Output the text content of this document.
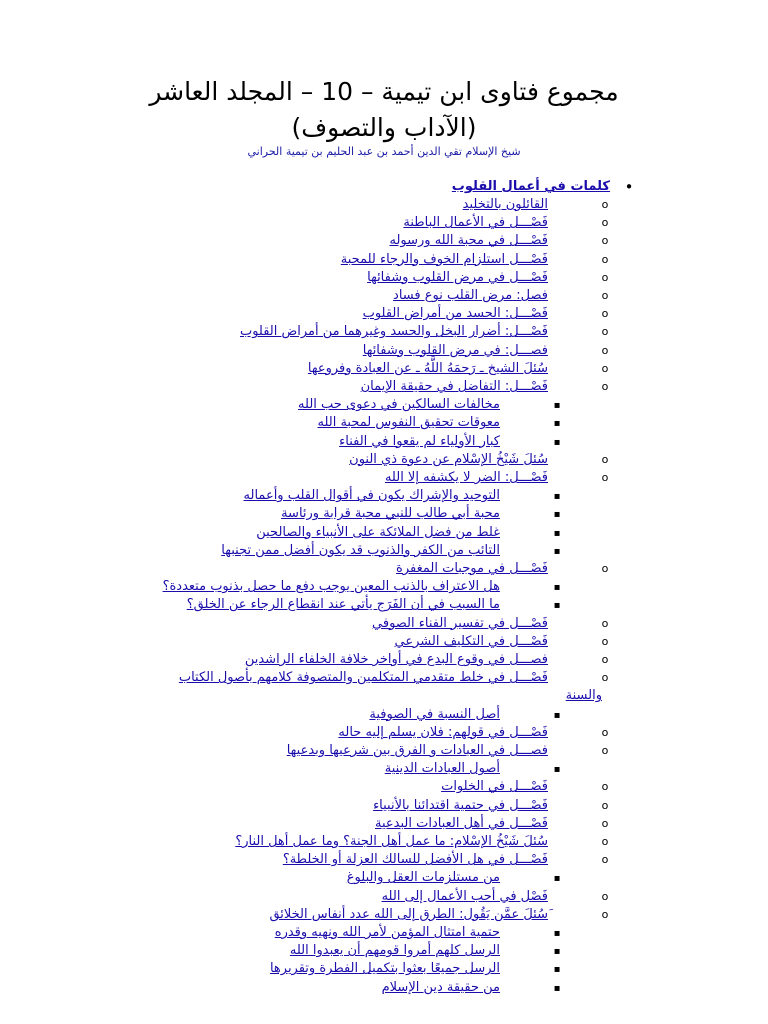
مجموع فتاوى ابن تيمية – 10 – المجلد العاشر
(الآداب والتصوف)
شيخ الإسلام تقي الدين أحمد بن عبد الحليم بن تيمية الحراني
•
كلمات في أعمال القلوب
o
القائلون بالتخليد
o
فَصْـــل في الأعمال الباطنة
o
فَصْـــل في محبة الله ورسوله
o
فَصْـــل استلزام الخوف والرجاء للمحبة
o
فَصْـــل في مرض القلوب وشفائها
o
فصل: مرض القلب نوع فساد
o
فَصْـــل: الحسد من أمراض القلوب
o
فَصْـــل: أضرار البخل والحسد وغيرهما من أمراض القلوب
o
فصـــل: في مرض القلوب وشفائها
o
سُئلَ الشيخ ـ رَحمَهُ اللَّهُ ـ عن العبادة وفروعها
o
فَصْـــل: التفاضل في حقيقة الإيمان
▪
مخالفات السالكين في دعوى حب الله
▪
معوقات تحقيق النفوس لمحبة الله
▪
كبار الأولياء لم يقعوا في الفناء
o
سُئلَ شَيْخُ الإسْلام عن دعوة ذي النون
o
فَصْـــل: الضر لا يكشفه إلا الله
▪
التوحيد والإشراك يكون في أقوال القلب وأعماله
▪
محبة أبي طالب للنبي محبة قرابة ورئاسة
▪
غلط من فضل الملائكة على الأنبياء والصالحين
▪
التائب من الكفر والذنوب قد يكون أفضل ممن تجنبها
o
فَصْـــل في موجبات المغفرة
▪
هل الاعتراف بالذنب المعين يوجب دفع ما حصل بذنوب متعددة؟
▪
ما السبب في أن الفَرَج يأتي عند انقطاع الرجاء عن الخلق؟
o
فَصْـــل في تفسير الفناء الصوفي
o
فَصْـــل في التكليف الشرعي
o
فصـــل في وقوع البدع في أواخر خلافة الخلفاء الراشدين
o
فَصْـــل في خلط متقدمي المتكلمين والمتصوفة كلامهم بأصول الكتاب
والسنة
▪
أصل النسبة في الصوفية
o
فَصْـــل في قولهم: فلان يسلم إليه حاله
o
فصـــل في العبادات و الفرق بين شرعيها وبدعيها
▪
أصول العبادات الدينية
o
فَصْـــل في الخلوات
o
فَصْـــل في حتمية اقتدائنا بالأنبياء
o
فَصْـــل في أهل العبادات البدعية
o
سُئلَ شَيْخُ الإسْلام: ما عمل أهل الجنة؟ وما عمل أهل النار؟
o
فَصْـــل في هل الأفضل للسالك العزلة أو الخلطة؟
▪
من مستلزمات العقل والبلوغ
o
فَصْل في أحب الأعمال إلى الله
o
َسُئلَ عمَّن يَقُول: الطرق إلى الله عدد أنفاس الخلائق
▪
حتمية امتثال المؤمن لأمر الله ونهيه وقدره
▪
الرسل كلهم أمروا قومهم أن يعبدوا الله
▪
الرسل جميعًا بعثوا بتكميل الفطرة وتقريرها
▪
من حقيقة دين الإسلام
